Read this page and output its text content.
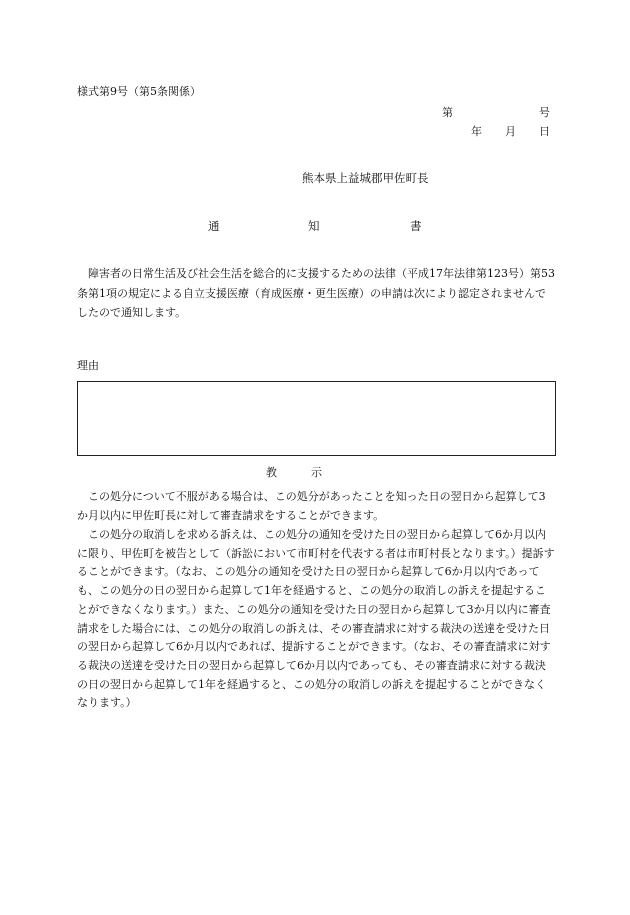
様式第9号（第5条関係）
第	号
年 月 日
熊本県上益城郡甲佐町長
通	知	書

障害者の日常生活及び社会生活を総合的に支援するための法律（平成17年法律第123号）第53条第1項の規定による自立支援医療（育成医療・更生医療）の申請は次により認定されませんでしたので通知します。

理由
教	示

この処分について不服がある場合は、この処分があったことを知った日の翌日から起算して3か月以内に甲佐町長に対して審査請求をすることができます。

この処分の取消しを求める訴えは、この処分の通知を受けた日の翌日から起算して6か月以内に限り、甲佐町を被告として（訴訟において市町村を代表する者は市町村長となります。）提訴することができます。（なお、この処分の通知を受けた日の翌日から起算して6か月以内であっても、この処分の日の翌日から起算して1年を経過すると、この処分の取消しの訴えを提起することができなくなります。）また、この処分の通知を受けた日の翌日から起算して3か月以内に審査請求をした場合には、この処分の取消しの訴えは、その審査請求に対する裁決の送達を受けた日の翌日から起算して6か月以内であれば、提訴することができます。（なお、その審査請求に対する裁決の送達を受けた日の翌日から起算して6か月以内であっても、その審査請求に対する裁決の日の翌日から起算して1年を経過すると、この処分の取消しの訴えを提起することができなくなります。）
